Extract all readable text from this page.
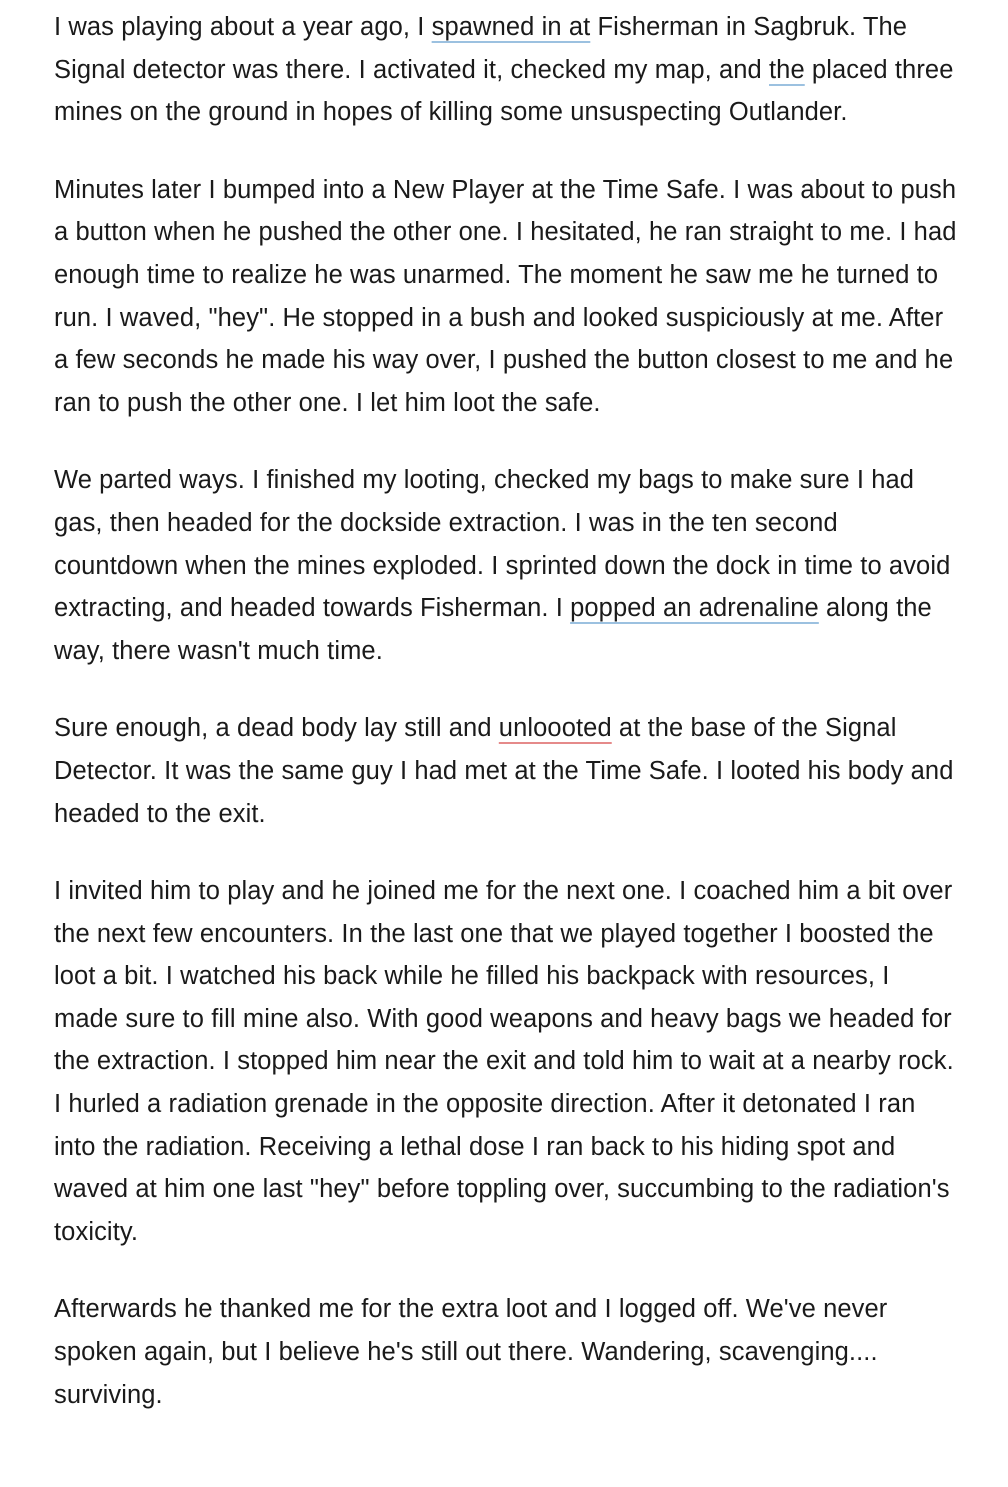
I was playing about a year ago, I spawned in at Fisherman in Sagbruk. The Signal detector was there. I activated it, checked my map, and the placed three mines on the ground in hopes of killing some unsuspecting Outlander.

Minutes later I bumped into a New Player at the Time Safe. I was about to push a button when he pushed the other one. I hesitated, he ran straight to me. I had enough time to realize he was unarmed. The moment he saw me he turned to run. I waved, "hey". He stopped in a bush and looked suspiciously at me. After a few seconds he made his way over, I pushed the button closest to me and he ran to push the other one. I let him loot the safe.

We parted ways. I finished my looting, checked my bags to make sure I had gas, then headed for the dockside extraction. I was in the ten second countdown when the mines exploded. I sprinted down the dock in time to avoid extracting, and headed towards Fisherman. I popped an adrenaline along the way, there wasn't much time.

Sure enough, a dead body lay still and unloooted at the base of the Signal Detector. It was the same guy I had met at the Time Safe. I looted his body and headed to the exit.

I invited him to play and he joined me for the next one. I coached him a bit over the next few encounters. In the last one that we played together I boosted the loot a bit. I watched his back while he filled his backpack with resources, I made sure to fill mine also. With good weapons and heavy bags we headed for the extraction. I stopped him near the exit and told him to wait at a nearby rock. I hurled a radiation grenade in the opposite direction. After it detonated I ran into the radiation. Receiving a lethal dose I ran back to his hiding spot and waved at him one last "hey" before toppling over, succumbing to the radiation's toxicity.

Afterwards he thanked me for the extra loot and I logged off. We've never spoken again, but I believe he's still out there. Wandering, scavenging.... surviving.
